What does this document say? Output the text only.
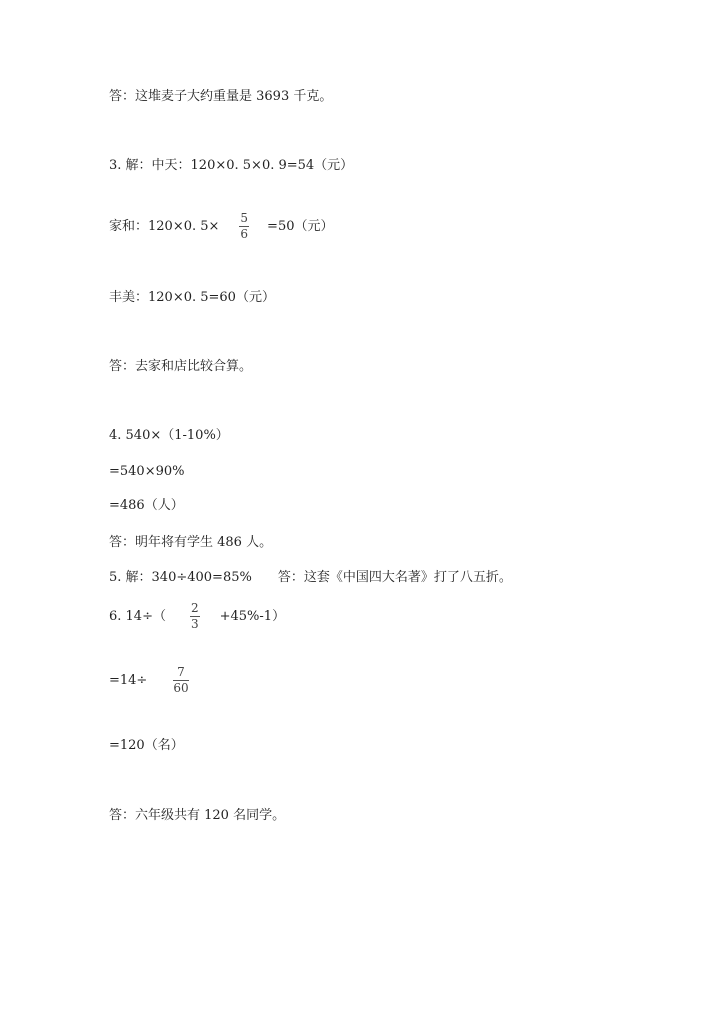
答：这堆麦子大约重量是 3693 千克。
3. 解：中天：120×0. 5×0. 9=54（元）
家和：120×0. $5\times \frac{5}{6} =50$（元）
丰美：120×0. 5=60（元）
答：去家和店比较合算。
4. 540×（1-10%）
=540×90%
=486（人）
答：明年将有学生 486 人。
5. 解：340÷400=85% 答：这套《中国四大名著》打了八五折。
6. $14\div( \frac{2}{3} +45\%-1)$
$=14\div \frac{7}{60}$
=120（名）
答：六年级共有 120 名同学。
